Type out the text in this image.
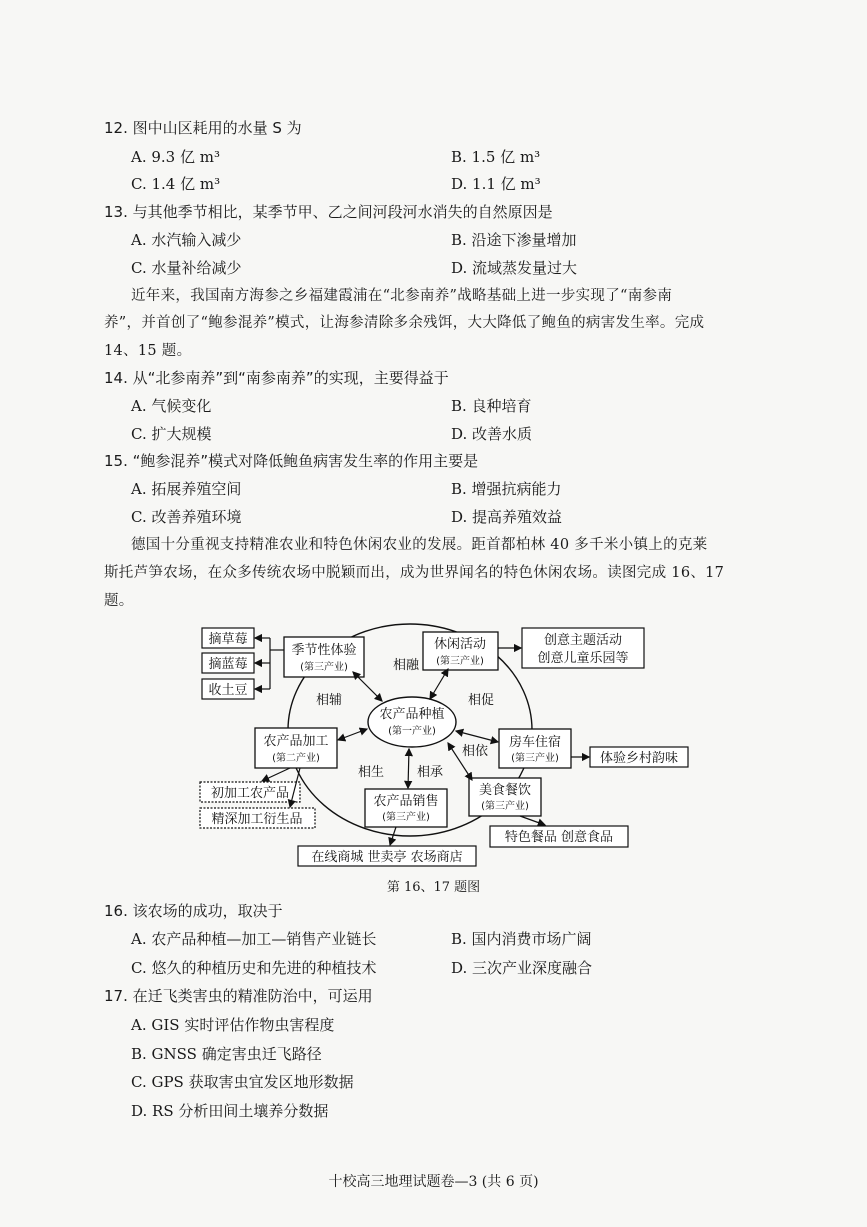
12. 图中山区耗用的水量 S 为
A. 9.3 亿 m³	B. 1.5 亿 m³
C. 1.4 亿 m³	D. 1.1 亿 m³
13. 与其他季节相比，某季节甲、乙之间河段河水消失的自然原因是
A. 水汽输入减少	B. 沿途下渗量增加
C. 水量补给减少	D. 流域蒸发量过大
近年来，我国南方海参之乡福建霞浦在“北参南养”战略基础上进一步实现了“南参南
养”，并首创了“鲍参混养”模式，让海参清除多余残饵，大大降低了鲍鱼的病害发生率。完成
14、15 题。
14. 从“北参南养”到“南参南养”的实现，主要得益于
A. 气候变化	B. 良种培育
C. 扩大规模	D. 改善水质
15. “鲍参混养”模式对降低鲍鱼病害发生率的作用主要是
A. 拓展养殖空间	B. 增强抗病能力
C. 改善养殖环境	D. 提高养殖效益
德国十分重视支持精准农业和特色休闲农业的发展。距首都柏林 40 多千米小镇上的克莱
斯托芦笋农场，在众多传统农场中脱颖而出，成为世界闻名的特色休闲农场。读图完成 16、17
题。
农产品种植
(第一产业)
季节性体验
(第三产业)
休闲活动
(第三产业)
农产品加工
(第二产业)
房车住宿
(第三产业)
美食餐饮
(第三产业)
农产品销售
(第三产业)
摘草莓
摘蓝莓
收土豆
创意主题活动
创意儿童乐园等
体验乡村韵味
初加工农产品
精深加工衍生品
特色餐品 创意食品
在线商城 世卖亭 农场商店
相融
相辅	相促
相依
相生	相承
第 16、17 题图
16. 该农场的成功，取决于
A. 农产品种植—加工—销售产业链长	B. 国内消费市场广阔
C. 悠久的种植历史和先进的种植技术	D. 三次产业深度融合
17. 在迁飞类害虫的精准防治中，可运用
A. GIS 实时评估作物虫害程度
B. GNSS 确定害虫迁飞路径
C. GPS 获取害虫宜发区地形数据
D. RS 分析田间土壤养分数据
十校高三地理试题卷—3 (共 6 页)
